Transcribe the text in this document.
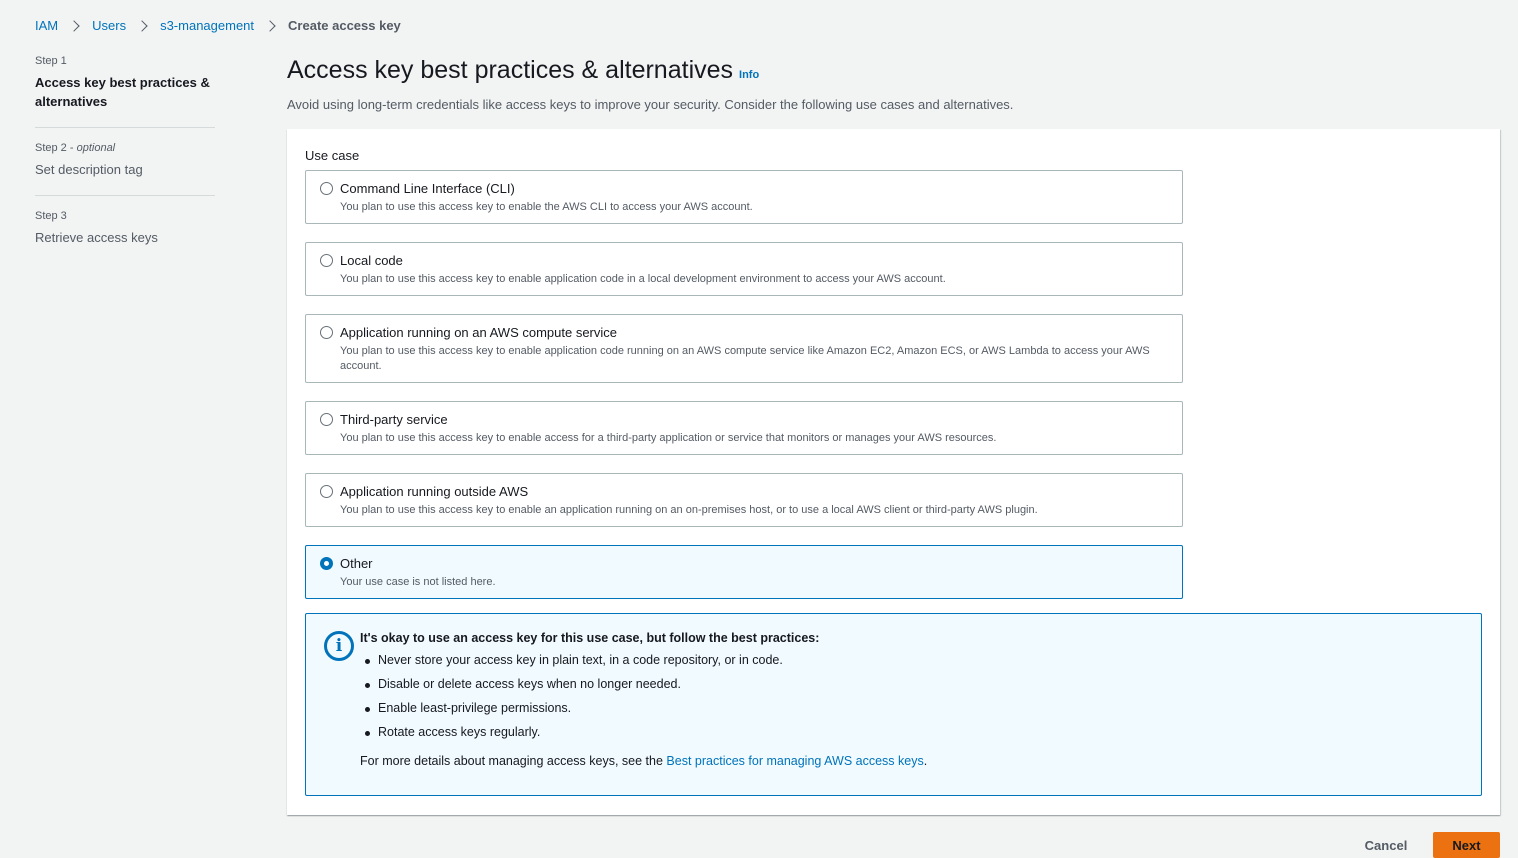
IAM	Users	s3-management	Create access key
Step 1
Access key best practices & alternatives
Step 2 - optional
Set description tag
Step 3
Retrieve access keys
Access key best practices & alternatives Info

Avoid using long-term credentials like access keys to improve your security. Consider the following use cases and alternatives.

Use case
Command Line Interface (CLI)
You plan to use this access key to enable the AWS CLI to access your AWS account.
Local code
You plan to use this access key to enable application code in a local development environment to access your AWS account.
Application running on an AWS compute service
You plan to use this access key to enable application code running on an AWS compute service like Amazon EC2, Amazon ECS, or AWS Lambda to access your AWS account.
Third-party service
You plan to use this access key to enable access for a third-party application or service that monitors or manages your AWS resources.
Application running outside AWS
You plan to use this access key to enable an application running on an on-premises host, or to use a local AWS client or third-party AWS plugin.
Other
Your use case is not listed here.
i	It's okay to use an access key for this use case, but follow the best practices:
Never store your access key in plain text, in a code repository, or in code.
Disable or delete access keys when no longer needed.
Enable least-privilege permissions.
Rotate access keys regularly.
For more details about managing access keys, see the Best practices for managing AWS access keys.
Cancel	Next
